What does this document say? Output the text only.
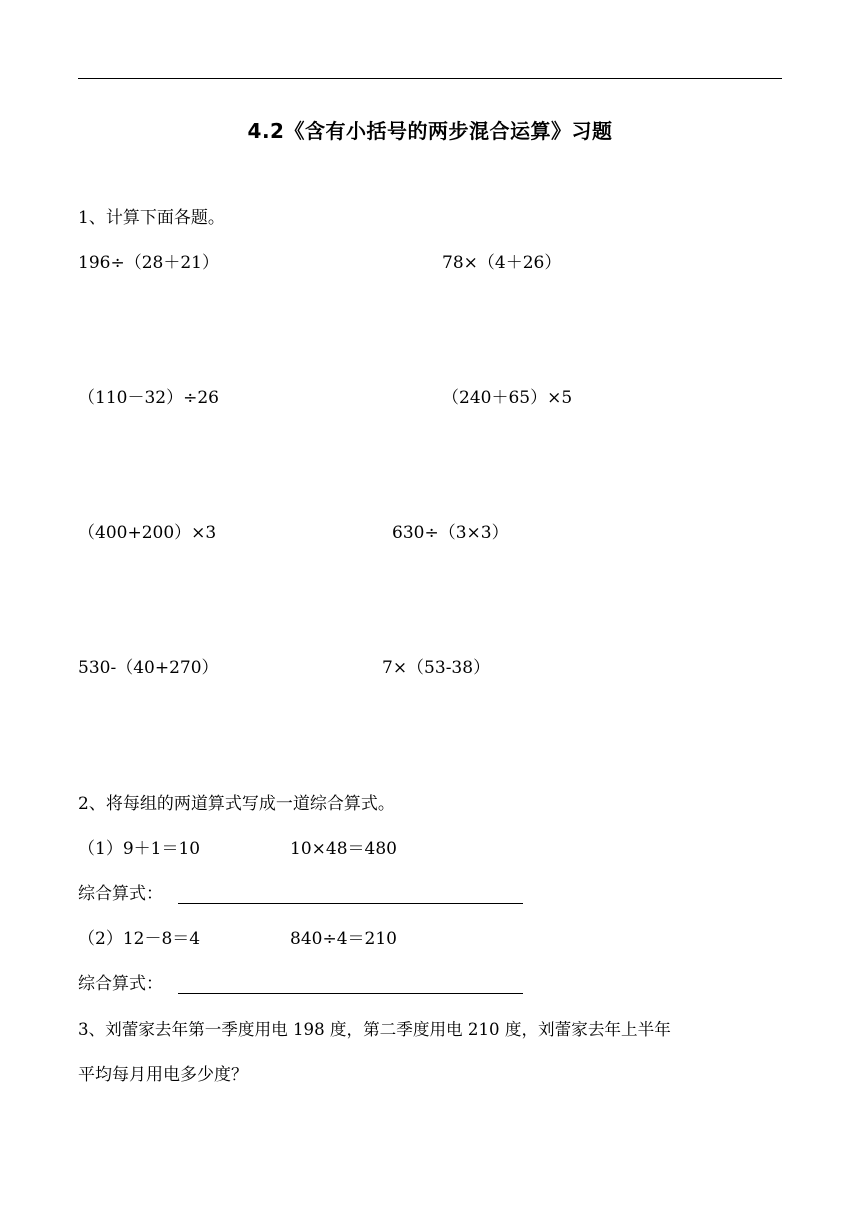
4.2《含有小括号的两步混合运算》习题
1、计算下面各题。
196÷（28＋21）	78×（4＋26）
（110－32）÷26	（240＋65）×5
（400+200）×3	630÷（3×3）
530-（40+270）	7×（53-38）
2、将每组的两道算式写成一道综合算式。
（1）9＋1＝10	10×48＝480
综合算式：
（2）12－8＝4	840÷4＝210
综合算式：
3、刘蕾家去年第一季度用电 198 度，第二季度用电 210 度，刘蕾家去年上半年
平均每月用电多少度？
